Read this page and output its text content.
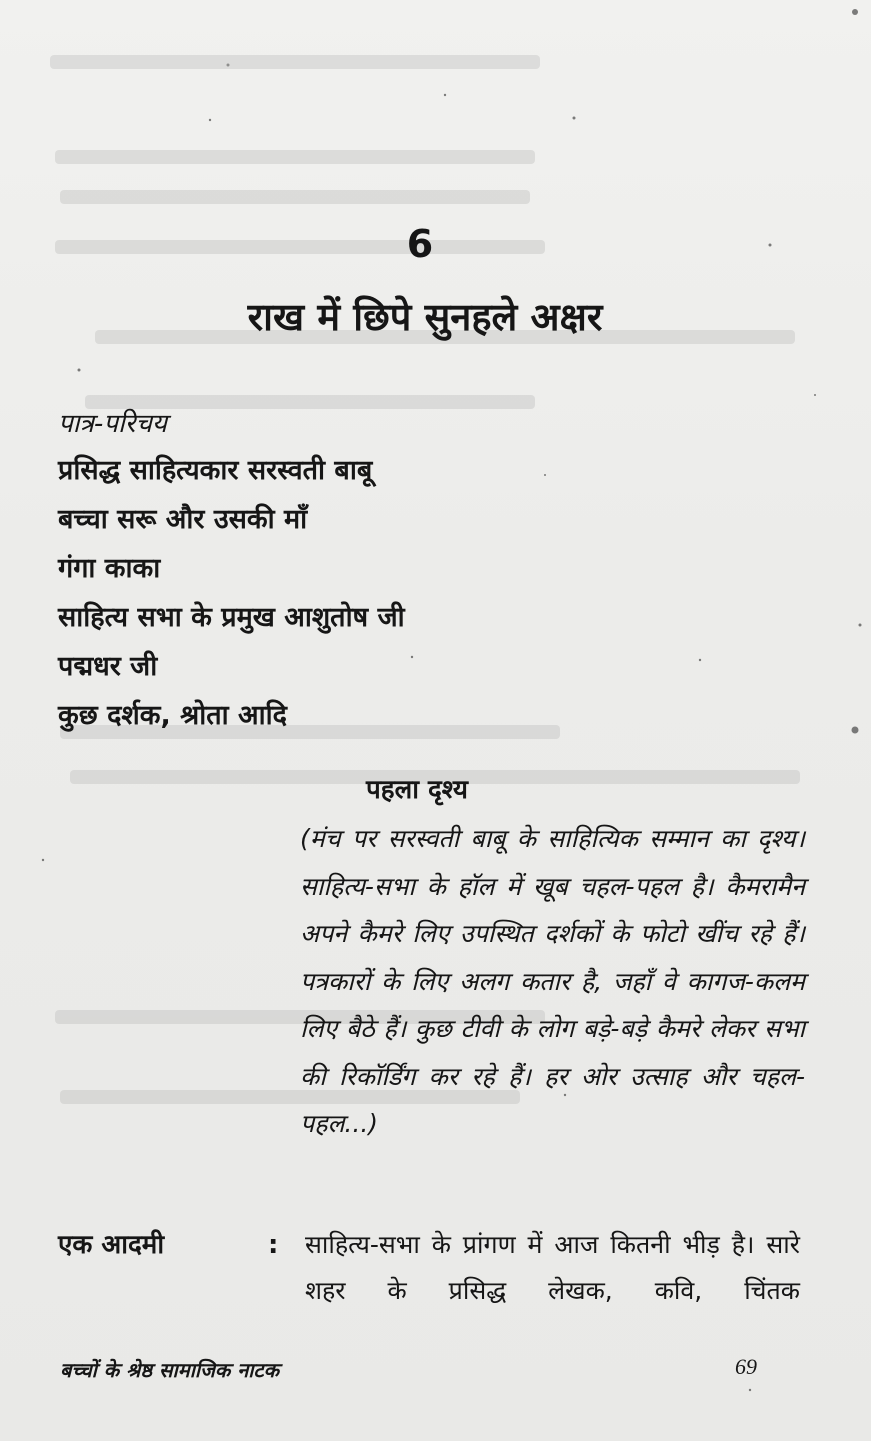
6
राख में छिपे सुनहले अक्षर
पात्र-परिचय
प्रसिद्ध साहित्यकार सरस्वती बाबू
बच्चा सरू और उसकी माँ
गंगा काका
साहित्य सभा के प्रमुख आशुतोष जी
पद्मधर जी
कुछ दर्शक, श्रोता आदि
पहला दृश्य
(मंच पर सरस्वती बाबू के साहित्यिक सम्मान का दृश्य। साहित्य-सभा के हॉल में खूब चहल-पहल है। कैमरामैन अपने कैमरे लिए उपस्थित दर्शकों के फोटो खींच रहे हैं। पत्रकारों के लिए अलग कतार है, जहाँ वे कागज-कलम लिए बैठे हैं। कुछ टीवी के लोग बड़े-बड़े कैमरे लेकर सभा की रिकॉर्डिंग कर रहे हैं। हर ओर उत्साह और चहल-पहल...)
एक आदमी	: साहित्य-सभा के प्रांगण में आज कितनी भीड़ है। सारे शहर के प्रसिद्ध लेखक, कवि, चिंतक
बच्चों के श्रेष्ठ सामाजिक नाटक	69
